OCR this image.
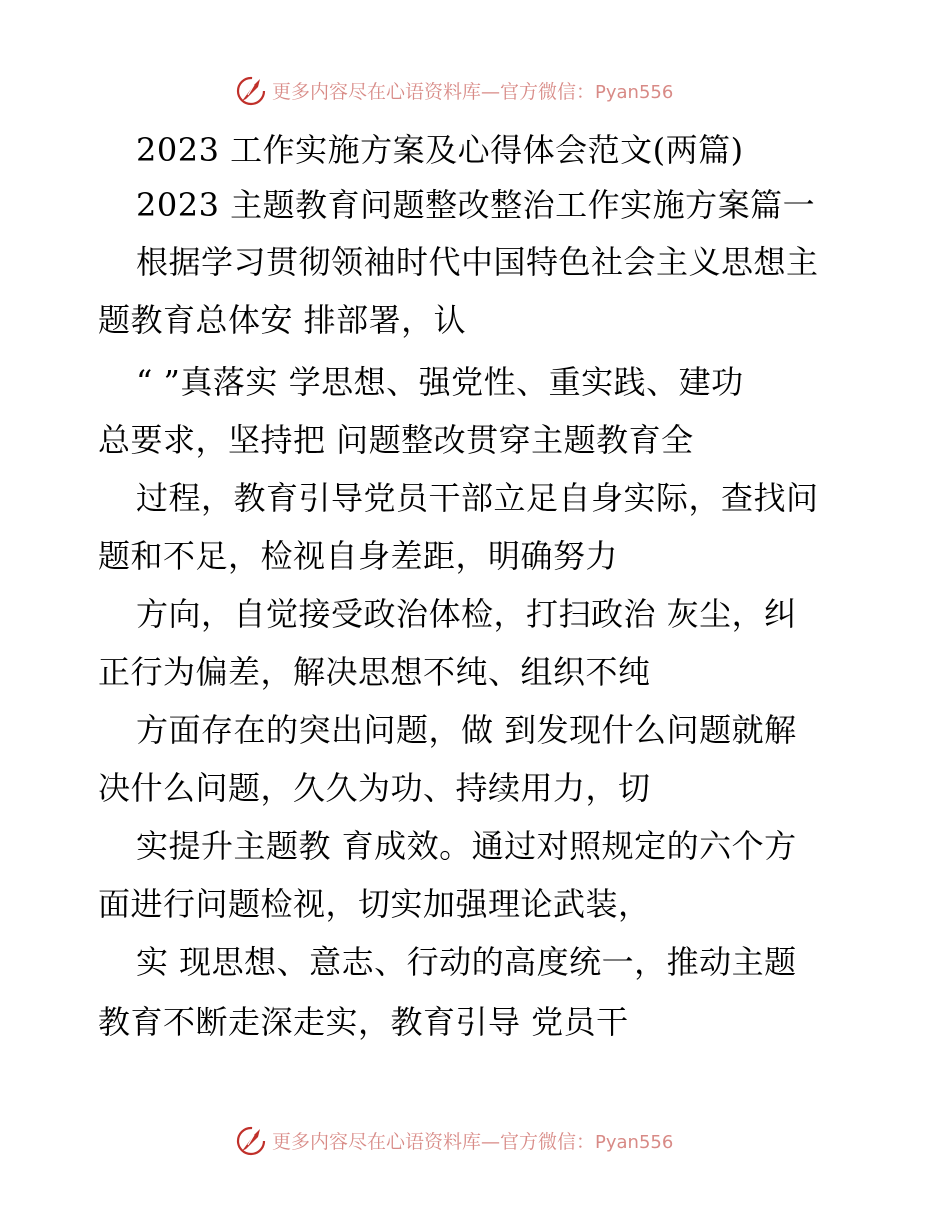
更多内容尽在心语资料库—官方微信：Pyan556
2023 工作实施方案及心得体会范文(两篇)
2023 主题教育问题整改整治工作实施方案篇一
根据学习贯彻领袖时代中国特色社会主义思想主
题教育总体安 排部署，认
“ ”真落实 学思想、强党性、重实践、建功
总要求，坚持把 问题整改贯穿主题教育全
过程，教育引导党员干部立足自身实际，查找问
题和不足，检视自身差距，明确努力
方向，自觉接受政治体检，打扫政治 灰尘，纠
正行为偏差，解决思想不纯、组织不纯
方面存在的突出问题，做 到发现什么问题就解
决什么问题，久久为功、持续用力，切
实提升主题教 育成效。通过对照规定的六个方
面进行问题检视，切实加强理论武装，
实 现思想、意志、行动的高度统一，推动主题
教育不断走深走实，教育引导 党员干
更多内容尽在心语资料库—官方微信：Pyan556
